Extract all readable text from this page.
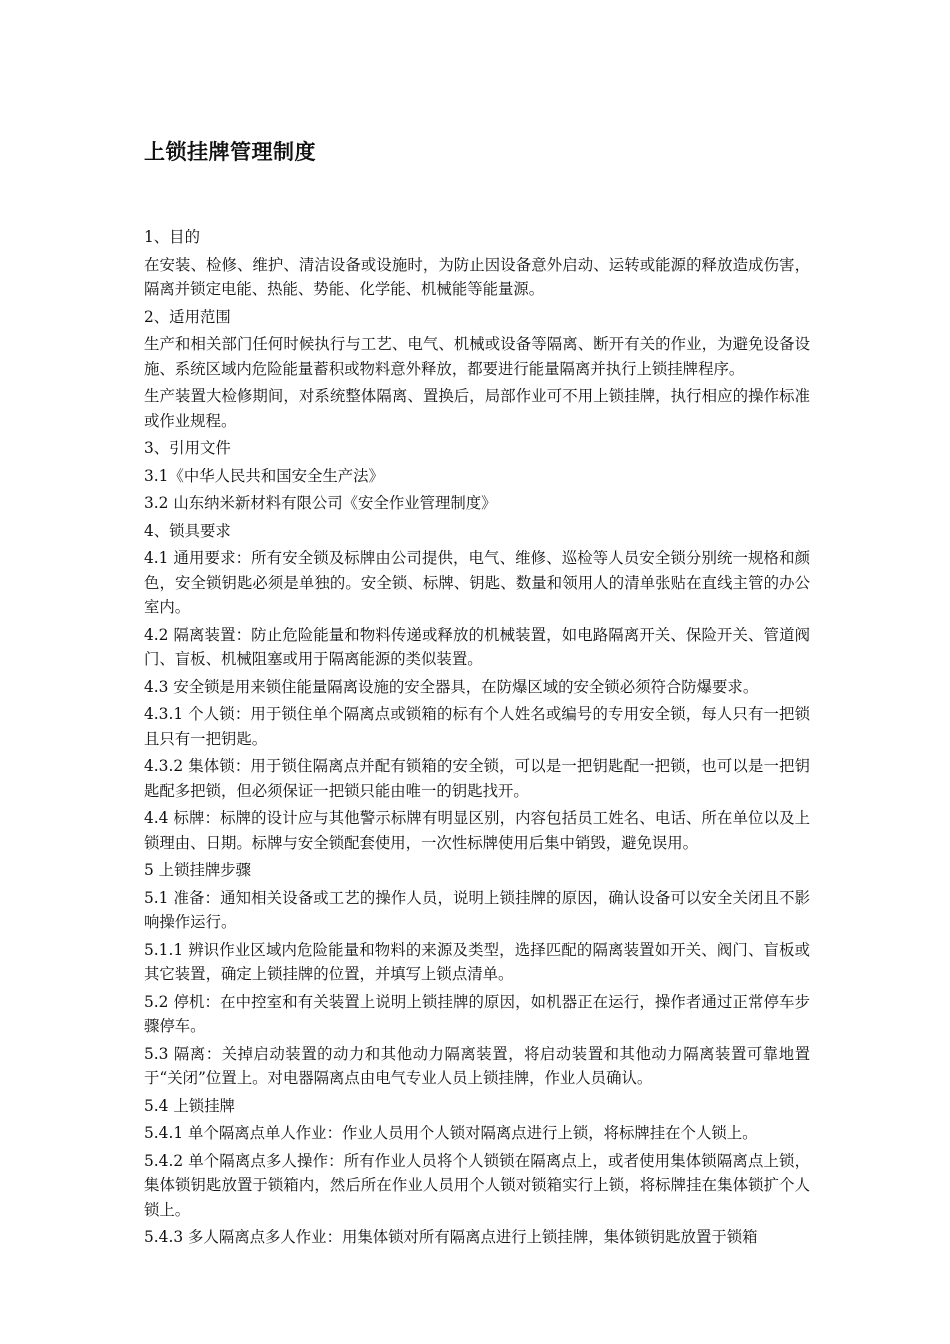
上锁挂牌管理制度

1、目的

在安装、检修、维护、清洁设备或设施时，为防止因设备意外启动、运转或能源的释放造成伤害，隔离并锁定电能、热能、势能、化学能、机械能等能量源。

2、适用范围

生产和相关部门任何时候执行与工艺、电气、机械或设备等隔离、断开有关的作业，为避免设备设施、系统区域内危险能量蓄积或物料意外释放，都要进行能量隔离并执行上锁挂牌程序。

生产装置大检修期间，对系统整体隔离、置换后，局部作业可不用上锁挂牌，执行相应的操作标准或作业规程。

3、引用文件

3.1《中华人民共和国安全生产法》

3.2 山东纳米新材料有限公司《安全作业管理制度》

4、锁具要求

4.1 通用要求：所有安全锁及标牌由公司提供，电气、维修、巡检等人员安全锁分别统一规格和颜色，安全锁钥匙必须是单独的。安全锁、标牌、钥匙、数量和领用人的清单张贴在直线主管的办公室内。

4.2 隔离装置：防止危险能量和物料传递或释放的机械装置，如电路隔离开关、保险开关、管道阀门、盲板、机械阻塞或用于隔离能源的类似装置。

4.3 安全锁是用来锁住能量隔离设施的安全器具，在防爆区域的安全锁必须符合防爆要求。

4.3.1 个人锁：用于锁住单个隔离点或锁箱的标有个人姓名或编号的专用安全锁，每人只有一把锁且只有一把钥匙。

4.3.2 集体锁：用于锁住隔离点并配有锁箱的安全锁，可以是一把钥匙配一把锁，也可以是一把钥匙配多把锁，但必须保证一把锁只能由唯一的钥匙找开。

4.4 标牌：标牌的设计应与其他警示标牌有明显区别，内容包括员工姓名、电话、所在单位以及上锁理由、日期。标牌与安全锁配套使用，一次性标牌使用后集中销毁，避免误用。

5 上锁挂牌步骤

5.1 准备：通知相关设备或工艺的操作人员，说明上锁挂牌的原因，确认设备可以安全关闭且不影响操作运行。

5.1.1 辨识作业区域内危险能量和物料的来源及类型，选择匹配的隔离装置如开关、阀门、盲板或其它装置，确定上锁挂牌的位置，并填写上锁点清单。

5.2 停机：在中控室和有关装置上说明上锁挂牌的原因，如机器正在运行，操作者通过正常停车步骤停车。

5.3 隔离：关掉启动装置的动力和其他动力隔离装置，将启动装置和其他动力隔离装置可靠地置于“关闭”位置上。对电器隔离点由电气专业人员上锁挂牌，作业人员确认。

5.4 上锁挂牌

5.4.1 单个隔离点单人作业：作业人员用个人锁对隔离点进行上锁，将标牌挂在个人锁上。

5.4.2 单个隔离点多人操作：所有作业人员将个人锁锁在隔离点上，或者使用集体锁隔离点上锁，集体锁钥匙放置于锁箱内，然后所在作业人员用个人锁对锁箱实行上锁，将标牌挂在集体锁扩个人锁上。

5.4.3 多人隔离点多人作业：用集体锁对所有隔离点进行上锁挂牌，集体锁钥匙放置于锁箱
